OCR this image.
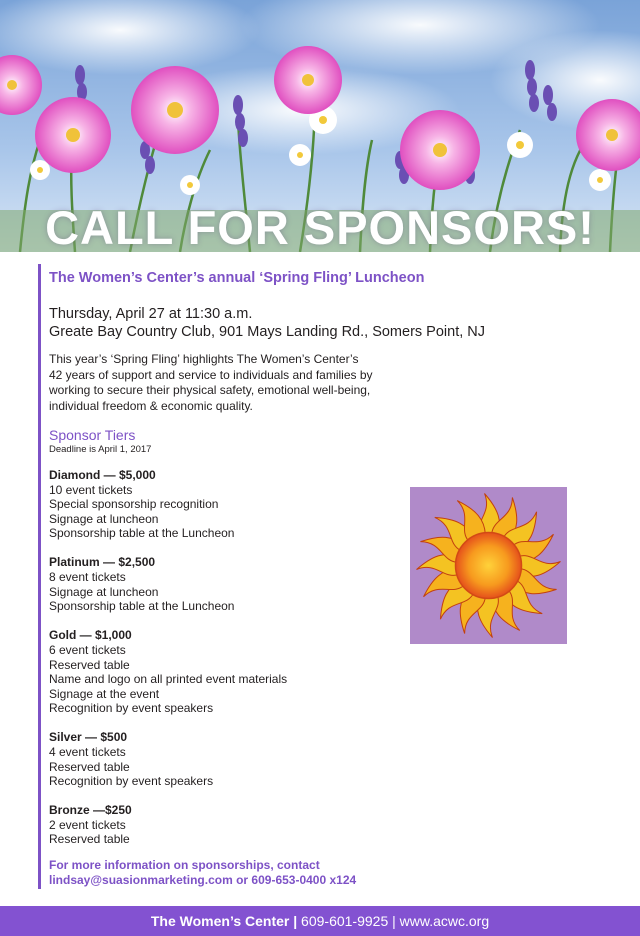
CALL FOR SPONSORS!
The Women’s Center’s annual ‘Spring Fling’ Luncheon
Thursday, April 27 at 11:30 a.m.
Greate Bay Country Club, 901 Mays Landing Rd., Somers Point, NJ
This year’s ‘Spring Fling’ highlights The Women’s Center’s
42 years of support and service to individuals and families by
working to secure their physical safety, emotional well-being,
individual freedom & economic quality.
Sponsor Tiers
Deadline is April 1, 2017
Diamond — $5,000
10 event tickets
Special sponsorship recognition
Signage at luncheon
Sponsorship table at the Luncheon
Platinum — $2,500
8 event tickets
Signage at luncheon
Sponsorship table at the Luncheon
Gold — $1,000
6 event tickets
Reserved table
Name and logo on all printed event materials
Signage at the event
Recognition by event speakers
Silver — $500
4 event tickets
Reserved table
Recognition by event speakers
Bronze —$250
2 event tickets
Reserved table
For more information on sponsorships, contact
lindsay@suasionmarketing.com or 609-653-0400 x124
The Women’s Center | 609-601-9925 | www.acwc.org
